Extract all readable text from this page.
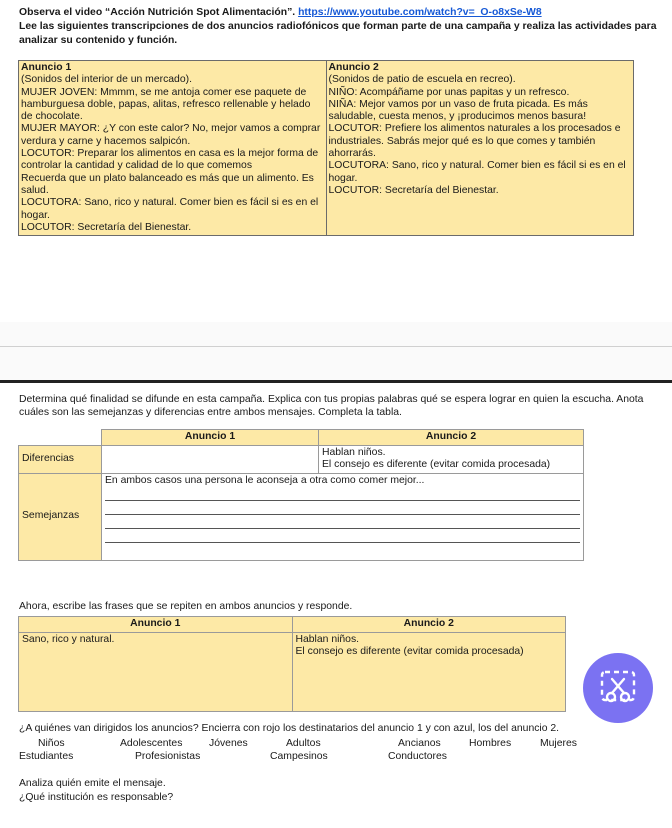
Observa el video “Acción Nutrición Spot Alimentación”. https://www.youtube.com/watch?v=_O-o8xSe-W8
Lee las siguientes transcripciones de dos anuncios radiofónicos que forman parte de una campaña y realiza las actividades para analizar su contenido y función.
Anuncio 1

(Sonidos del interior de un mercado).

MUJER JOVEN: Mmmm, se me antoja comer ese paquete de hamburguesa doble, papas, alitas, refresco rellenable y helado de chocolate.

MUJER MAYOR: ¿Y con este calor? No, mejor vamos a comprar verdura y carne y hacemos salpicón.

LOCUTOR: Preparar los alimentos en casa es la mejor forma de controlar la cantidad y calidad de lo que comemos

Recuerda que un plato balanceado es más que un alimento. Es salud.

LOCUTORA: Sano, rico y natural. Comer bien es fácil si es en el hogar.

LOCUTOR: Secretaría del Bienestar.

Anuncio 2

(Sonidos de patio de escuela en recreo).

NIÑO: Acompáñame por unas papitas y un refresco.

NIÑA: Mejor vamos por un vaso de fruta picada. Es más saludable, cuesta menos, y ¡producimos menos basura!

LOCUTOR: Prefiere los alimentos naturales a los procesados e industriales. Sabrás mejor qué es lo que comes y también ahorrarás.

LOCUTORA: Sano, rico y natural. Comer bien es fácil si es en el hogar.

LOCUTOR: Secretaría del Bienestar.

Determina qué finalidad se difunde en esta campaña. Explica con tus propias palabras qué se espera lograr en quien la escucha. Anota cuáles son las semejanzas y diferencias entre ambos mensajes. Completa la tabla.
	Anuncio 1	Anuncio 2
Diferencias		Hablan niños.
El consejo es diferente (evitar comida procesada)

Semejanzas	En ambos casos una persona le aconseja a otra como comer mejor...	
Ahora, escribe las frases que se repiten en ambos anuncios y responde.
Anuncio 1	Anuncio 2

Sano, rico y natural.	Hablan niños.
El consejo es diferente (evitar comida procesada)
¿A quiénes van dirigidos los anuncios? Encierra con rojo los destinatarios del anuncio 1 y con azul, los del anuncio 2.
Niños	Adolescentes	Jóvenes	Adultos	Ancianos	Hombres	Mujeres
Estudiantes	Profesionistas	Campesinos	Conductores
Analiza quién emite el mensaje.
¿Qué institución es responsable?
